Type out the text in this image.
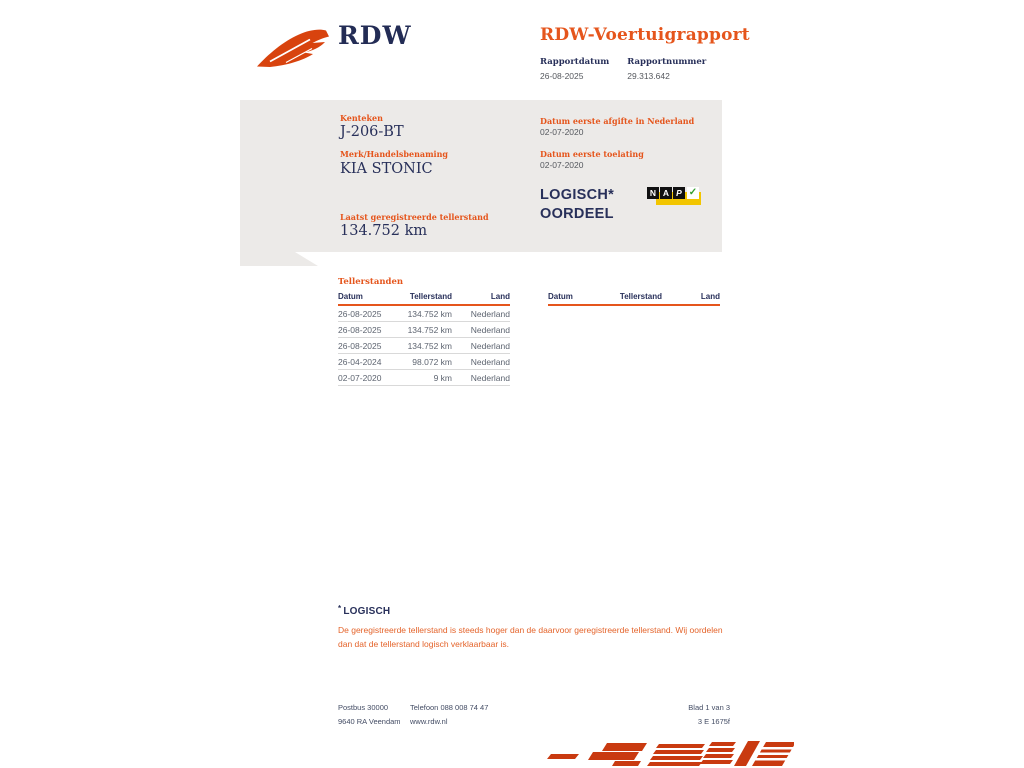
RDW	RDW-Voertuigrapport
Rapportdatum
26-08-2025
Rapportnummer
29.313.642
Kenteken
J-206-BT
Merk/Handelsbenaming
KIA STONIC
Laatst geregistreerde tellerstand
134.752 km
Datum eerste afgifte in Nederland
02-07-2020
Datum eerste toelating
02-07-2020
LOGISCH*
OORDEEL
N A P ✓
Tellerstanden
Datum	Tellerstand	Land
26-08-2025	134.752 km	Nederland
26-08-2025	134.752 km	Nederland
26-08-2025	134.752 km	Nederland
26-04-2024	98.072 km	Nederland
02-07-2020	9 km	Nederland
Datum	Tellerstand	Land
* LOGISCH
De geregistreerde tellerstand is steeds hoger dan de daarvoor geregistreerde tellerstand. Wij oordelen dan dat de tellerstand logisch verklaarbaar is.
Postbus 30000
9640 RA Veendam
Telefoon 088 008 74 47
www.rdw.nl
Blad 1 van 3
3 E 1675f
